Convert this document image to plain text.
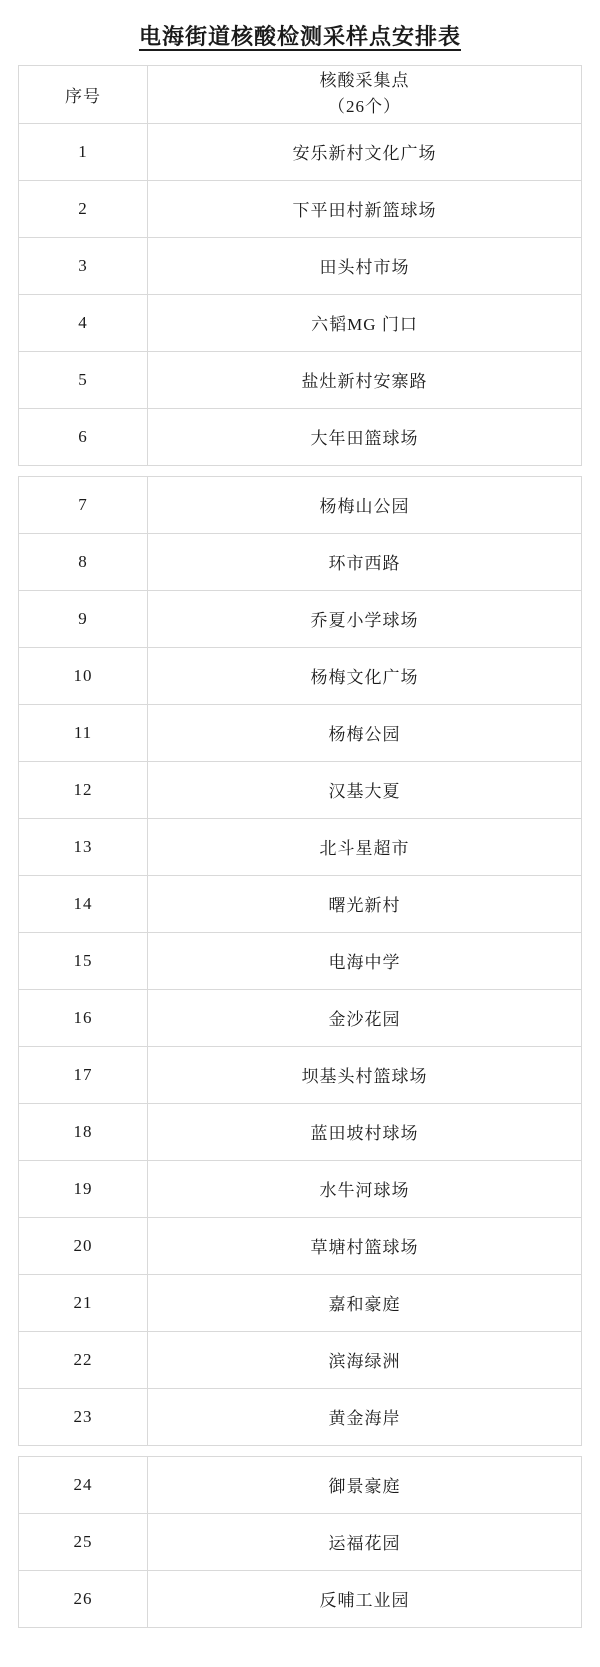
电海街道核酸检测采样点安排表
序号	核酸采集点
（26个）

1	安乐新村文化广场
2	下平田村新篮球场
3	田头村市场
4	六韬MG 门口
5	盐灶新村安寨路
6	大年田篮球场
7	杨梅山公园
8	环市西路
9	乔夏小学球场
10	杨梅文化广场
11	杨梅公园
12	汉基大夏
13	北斗星超市
14	曙光新村
15	电海中学
16	金沙花园
17	坝基头村篮球场
18	蓝田坡村球场
19	水牛河球场
20	草塘村篮球场
21	嘉和豪庭
22	滨海绿洲
23	黄金海岸
24	御景豪庭
25	运福花园
26	反哺工业园
